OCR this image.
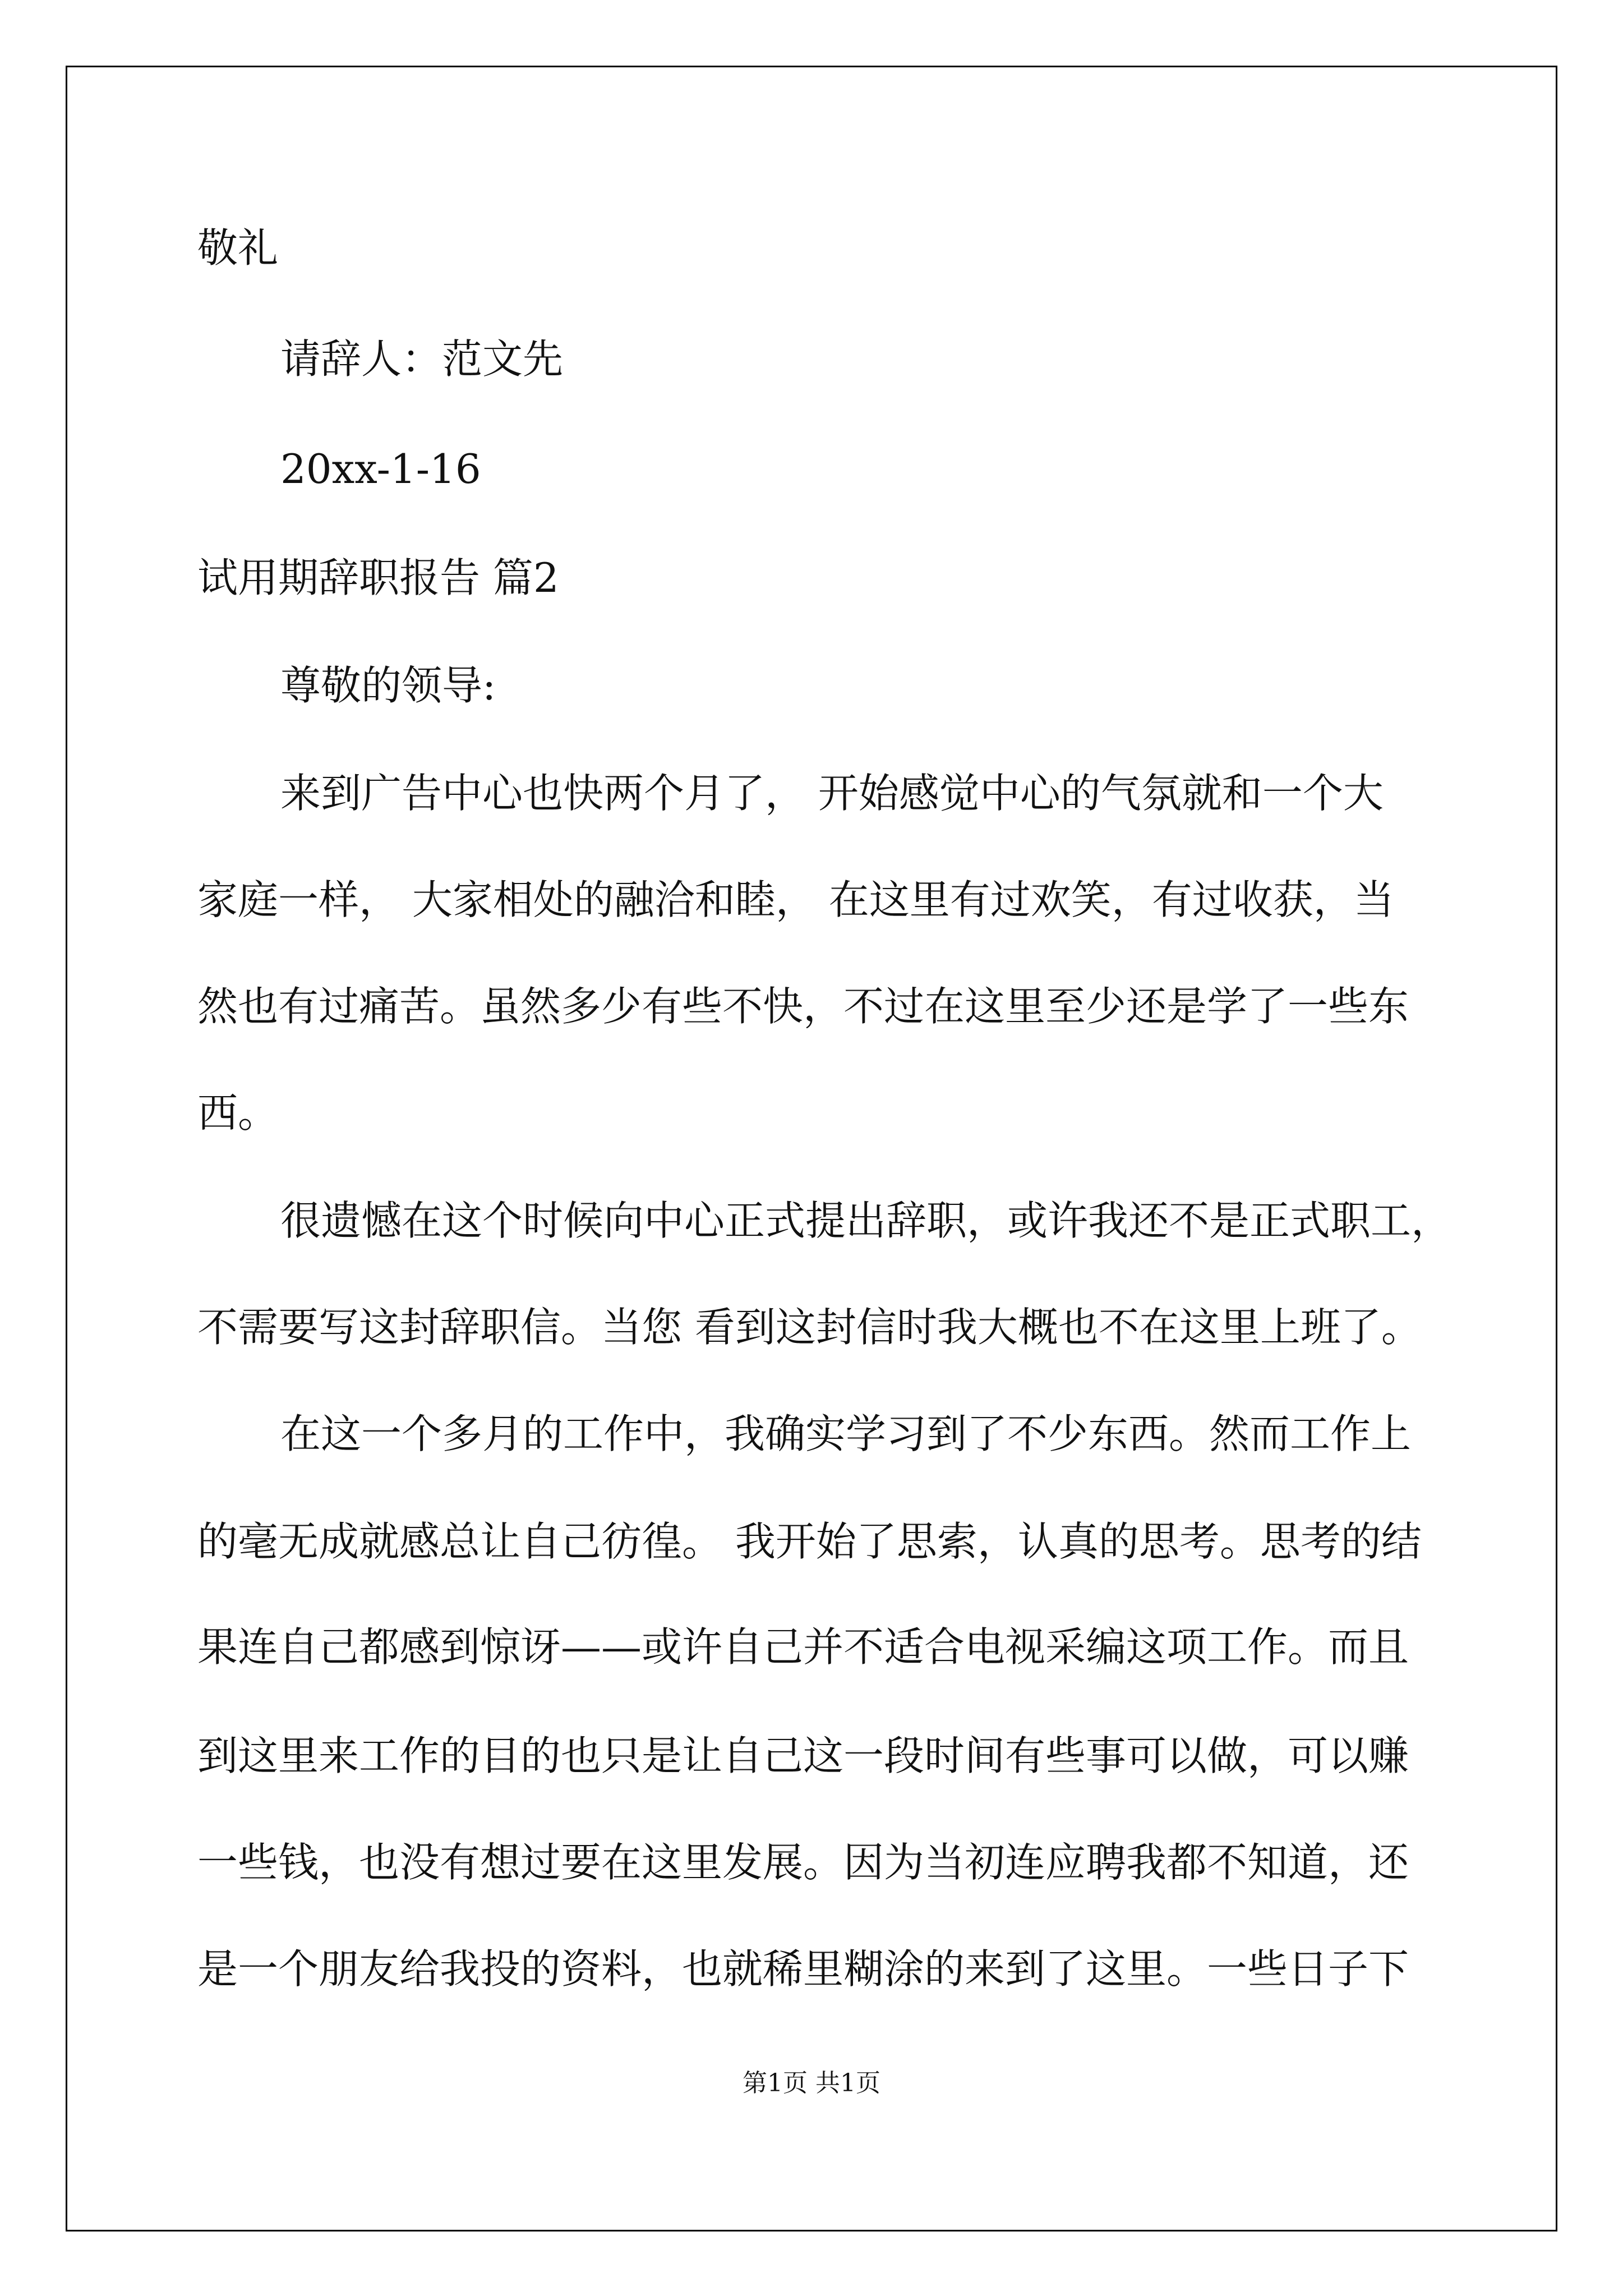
敬礼
请辞人：范文先
20xx-1-16
试用期辞职报告 篇2
尊敬的领导:
来到广告中心也快两个月了， 开始感觉中心的气氛就和一个大
家庭一样， 大家相处的融洽和睦， 在这里有过欢笑，有过收获，当
然也有过痛苦。虽然多少有些不快，不过在这里至少还是学了一些东
西。
很遗憾在这个时候向中心正式提出辞职，或许我还不是正式职工，
不需要写这封辞职信。当您 看到这封信时我大概也不在这里上班了。
在这一个多月的工作中，我确实学习到了不少东西。然而工作上
的毫无成就感总让自己彷徨。 我开始了思索，认真的思考。思考的结
果连自己都感到惊讶——或许自己并不适合电视采编这项工作。而且
到这里来工作的目的也只是让自己这一段时间有些事可以做，可以赚
一些钱，也没有想过要在这里发展。因为当初连应聘我都不知道，还
是一个朋友给我投的资料，也就稀里糊涂的来到了这里。一些日子下
第1页 共1页
